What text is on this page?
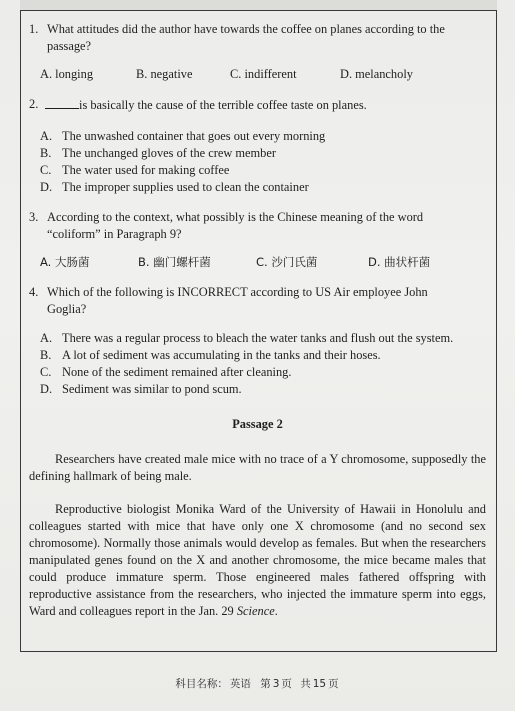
1. What attitudes did the author have towards the coffee on planes according to the
passage?
A. longing	B. negative	C. indifferent	D. melancholy
2.	is basically the cause of the terrible coffee taste on planes.
A. The unwashed container that goes out every morning
B. The unchanged gloves of the crew member
C. The water used for making coffee
D. The improper supplies used to clean the container
3. According to the context, what possibly is the Chinese meaning of the word
“coliform” in Paragraph 9?
A. 大肠菌	B. 幽门螺杆菌	C. 沙门氏菌	D. 曲状杆菌
4. Which of the following is INCORRECT according to US Air employee John
Goglia?
A. There was a regular process to bleach the water tanks and flush out the system.
B. A lot of sediment was accumulating in the tanks and their hoses.
C. None of the sediment remained after cleaning.
D. Sediment was similar to pond scum.
Passage 2

Researchers have created male mice with no trace of a Y chromosome, supposedly the defining hallmark of being male.

Reproductive biologist Monika Ward of the University of Hawaii in Honolulu and colleagues started with mice that have only one X chromosome (and no second sex chromosome). Normally those animals would develop as females. But when the researchers manipulated genes found on the X and another chromosome, the mice became males that could produce immature sperm. Those engineered males fathered offspring with reproductive assistance from the researchers, who injected the immature sperm into eggs, Ward and colleagues report in the Jan. 29 Science.

科目名称： 英语 第 3 页 共 15 页
